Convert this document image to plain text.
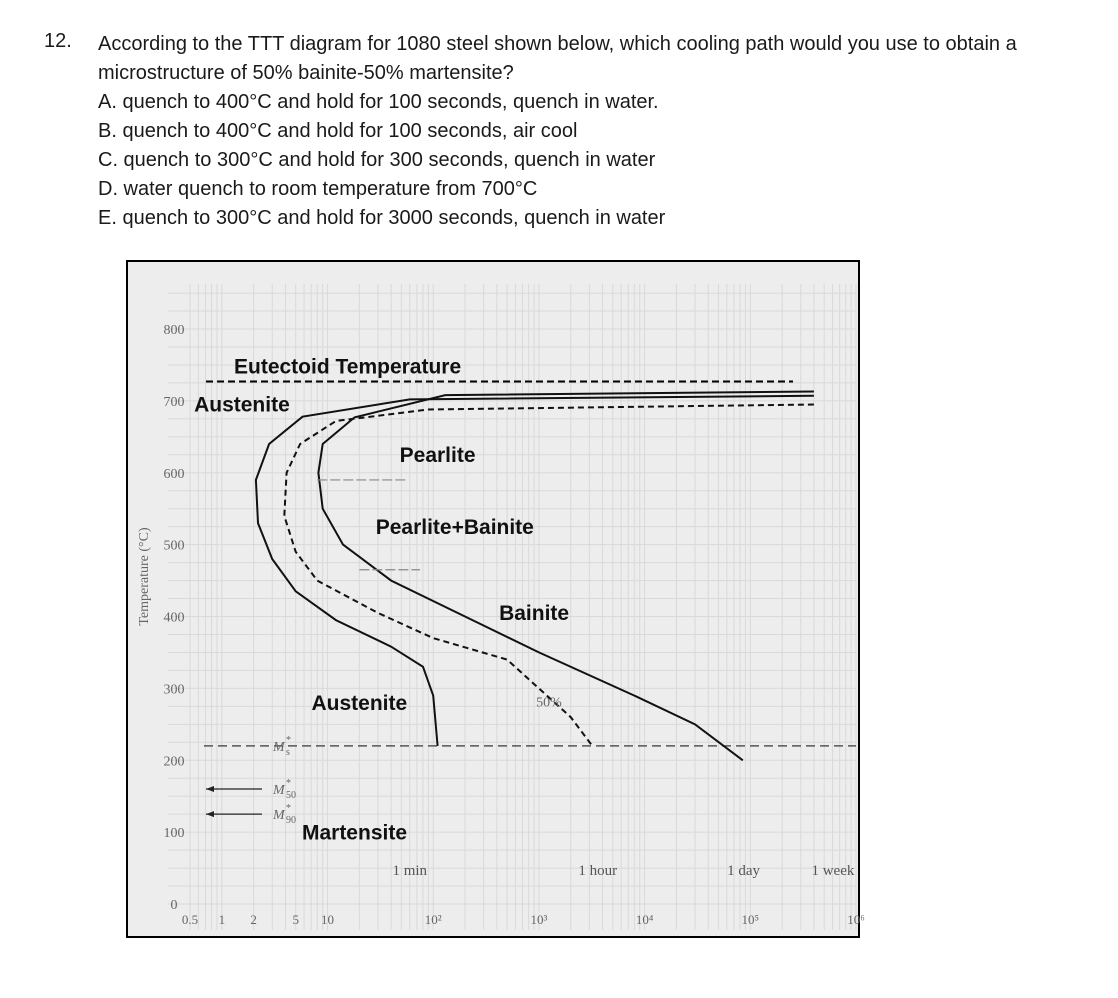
12. According to the TTT diagram for 1080 steel shown below, which cooling path would you use to obtain a microstructure of 50% bainite-50% martensite?
A. quench to 400°C and hold for 100 seconds, quench in water.
B. quench to 400°C and hold for 100 seconds, air cool
C. quench to 300°C and hold for 300 seconds, quench in water
D. water quench to room temperature from 700°C
E. quench to 300°C and hold for 3000 seconds, quench in water
800
700
600
500
400
300
200
100
0
0.5 1 2	5 10	10²	10³	10⁴	10⁵	10⁶
1 min	1 hour	1 day	1 week
Temperature (°C)
Eutectoid Temperature
M *
s
M *
50
M *
90
Austenite
Pearlite
Pearlite+Bainite
Bainite
Austenite
Martensite
50%
